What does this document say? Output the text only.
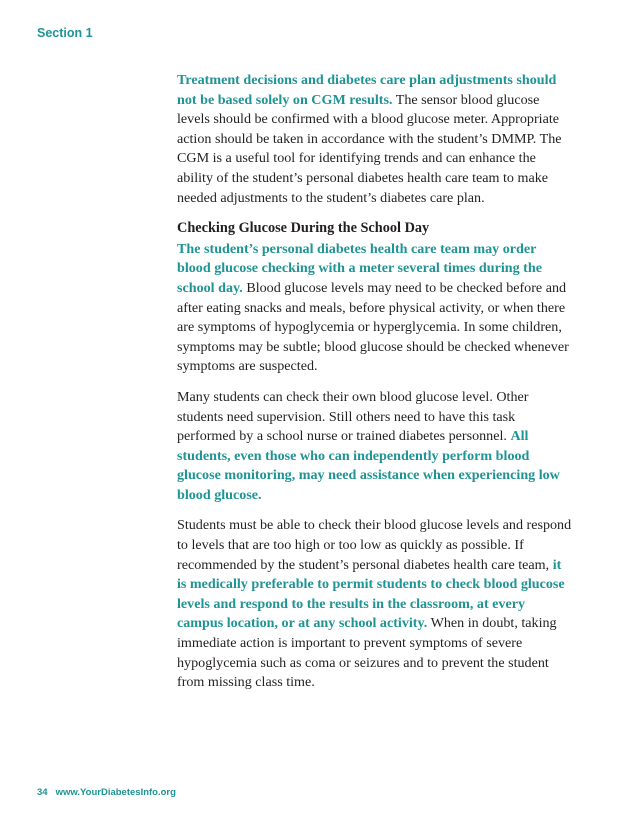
Section 1

Treatment decisions and diabetes care plan adjustments should not be based solely on CGM results. The sensor blood glucose levels should be confirmed with a blood glucose meter. Appropriate action should be taken in accordance with the student’s DMMP. The CGM is a useful tool for identifying trends and can enhance the ability of the student’s personal diabetes health care team to make needed adjustments to the student’s diabetes care plan.

Checking Glucose During the School Day

The student’s personal diabetes health care team may order blood glucose checking with a meter several times during the school day. Blood glucose levels may need to be checked before and after eating snacks and meals, before physical activity, or when there are symptoms of hypoglycemia or hyperglycemia. In some children, symptoms may be subtle; blood glucose should be checked whenever symptoms are suspected.

Many students can check their own blood glucose level. Other students need supervision. Still others need to have this task performed by a school nurse or trained diabetes personnel. All students, even those who can independently perform blood glucose monitoring, may need assistance when experiencing low blood glucose.

Students must be able to check their blood glucose levels and respond to levels that are too high or too low as quickly as possible. If recommended by the student’s personal diabetes health care team, it is medically preferable to permit students to check blood glucose levels and respond to the results in the classroom, at every campus location, or at any school activity. When in doubt, taking immediate action is important to prevent symptoms of severe hypoglycemia such as coma or seizures and to prevent the student from missing class time.

34 www.YourDiabetesInfo.org
